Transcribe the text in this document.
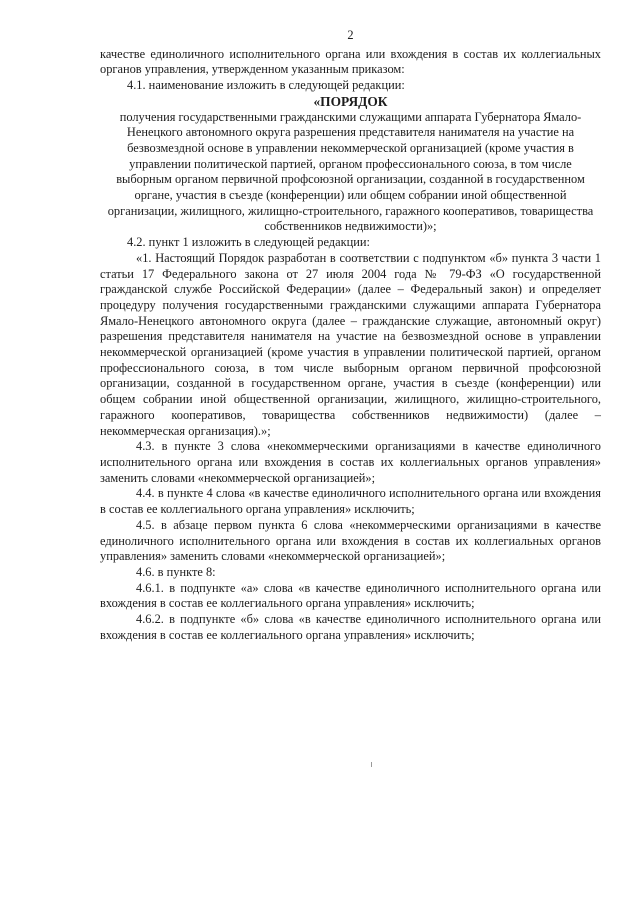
2

качестве единоличного исполнительного органа или вхождения в состав их коллегиальных органов управления, утвержденном указанным приказом:

4.1. наименование изложить в следующей редакции:

«ПОРЯДОК

получения государственными гражданскими служащими аппарата Губернатора Ямало-Ненецкого автономного округа разрешения представителя нанимателя на участие на безвозмездной основе в управлении некоммерческой организацией (кроме участия в управлении политической партией, органом профессионального союза, в том числе выборным органом первичной профсоюзной организации, созданной в государственном органе, участия в съезде (конференции) или общем собрании иной общественной организации, жилищного, жилищно-строительного, гаражного кооперативов, товарищества собственников недвижимости)»;

4.2. пункт 1 изложить в следующей редакции:

«1. Настоящий Порядок разработан в соответствии с подпунктом «б» пункта 3 части 1 статьи 17 Федерального закона от 27 июля 2004 года № 79-ФЗ «О государственной гражданской службе Российской Федерации» (далее – Федеральный закон) и определяет процедуру получения государственными гражданскими служащими аппарата Губернатора Ямало-Ненецкого автономного округа (далее – гражданские служащие, автономный округ) разрешения представителя нанимателя на участие на безвозмездной основе в управлении некоммерческой организацией (кроме участия в управлении политической партией, органом профессионального союза, в том числе выборным органом первичной профсоюзной организации, созданной в государственном органе, участия в съезде (конференции) или общем собрании иной общественной организации, жилищного, жилищно-строительного, гаражного кооперативов, товарищества собственников недвижимости) (далее – некоммерческая организация).»;

4.3. в пункте 3 слова «некоммерческими организациями в качестве единоличного исполнительного органа или вхождения в состав их коллегиальных органов управления» заменить словами «некоммерческой организацией»;

4.4. в пункте 4 слова «в качестве единоличного исполнительного органа или вхождения в состав ее коллегиального органа управления» исключить;

4.5. в абзаце первом пункта 6 слова «некоммерческими организациями в качестве единоличного исполнительного органа или вхождения в состав их коллегиальных органов управления» заменить словами «некоммерческой организацией»;

4.6. в пункте 8:

4.6.1. в подпункте «а» слова «в качестве единоличного исполнительного органа или вхождения в состав ее коллегиального органа управления» исключить;

4.6.2. в подпункте «б» слова «в качестве единоличного исполнительного органа или вхождения в состав ее коллегиального органа управления» исключить;
